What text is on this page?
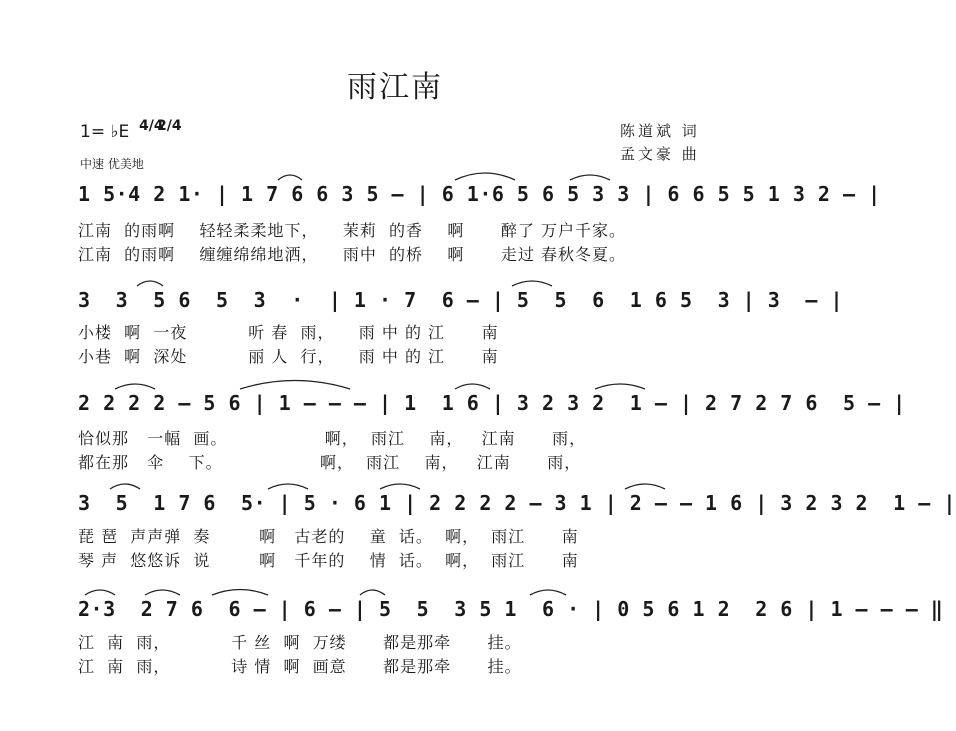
雨江南
1= ♭E 4/42/4
中速 优美地
陈道斌 词
孟文豪 曲
1 5·4 2 1· | 1 7 6 6 3 5 – | 6 1·6 5 6 5 3 3 | 6 6 5 5 1 3 2 – |
江南  的雨啊    轻轻柔柔地下，    茉莉  的香    啊      醉了 万户千家。
江南  的雨啊    缠缠绵绵地洒，    雨中  的桥    啊      走过 春秋冬夏。
3  3  5 6  5  3  ·  | 1 · 7  6 – | 5  5  6  1 6 5  3 | 3  – |
小楼  啊  一夜          听 春  雨，    雨 中 的 江      南
小巷  啊  深处          丽 人  行，    雨 中 的 江      南
2 2 2 2 – 5 6 | 1 – – – | 1  1 6 | 3 2 3 2  1 – | 2 7 2 7 6  5 – |
恰似那   一幅  画。                啊，  雨江    南，   江南      雨，
都在那   伞    下。                啊，  雨江    南，   江南      雨，
3  5  1 7 6  5· | 5 · 6 1 | 2 2 2 2 – 3 1 | 2 – – 1 6 | 3 2 3 2  1 – |
琵 琶  声声弹  奏        啊   古老的    童  话。  啊，  雨江      南
琴 声  悠悠诉  说        啊   千年的    情  话。  啊，  雨江      南
2·3  2 7 6  6 – | 6 – | 5  5  3 5 1  6 · | 0 5 6 1 2  2 6 | 1 – – – ‖
江  南  雨，          千 丝  啊  万缕      都是那牵      挂。
江  南  雨，          诗 情  啊  画意      都是那牵      挂。
